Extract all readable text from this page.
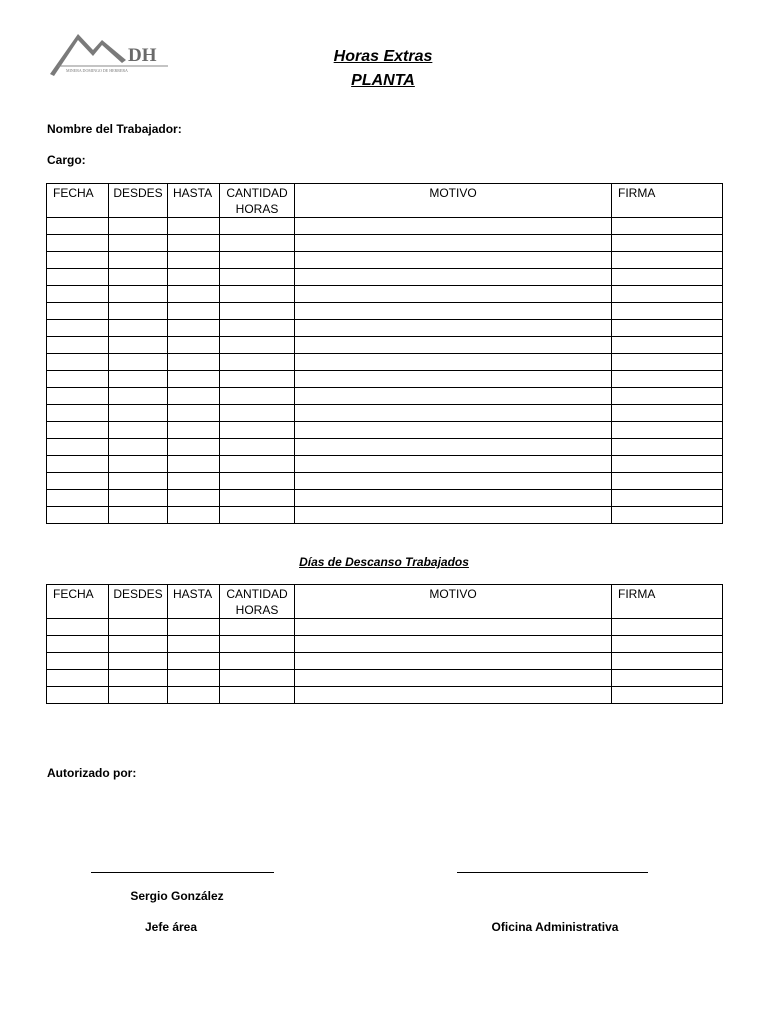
DH
MINERA DOMINGO DE HERRERA
Horas Extras
PLANTA
Nombre del Trabajador:
Cargo:
FECHA	DESDES	HASTA	CANTIDAD HORAS	MOTIVO	FIRMA

Días de Descanso Trabajados
FECHA	DESDES	HASTA	CANTIDAD HORAS	MOTIVO	FIRMA

Autorizado por:
Sergio González
Jefe área	Oficina Administrativa
